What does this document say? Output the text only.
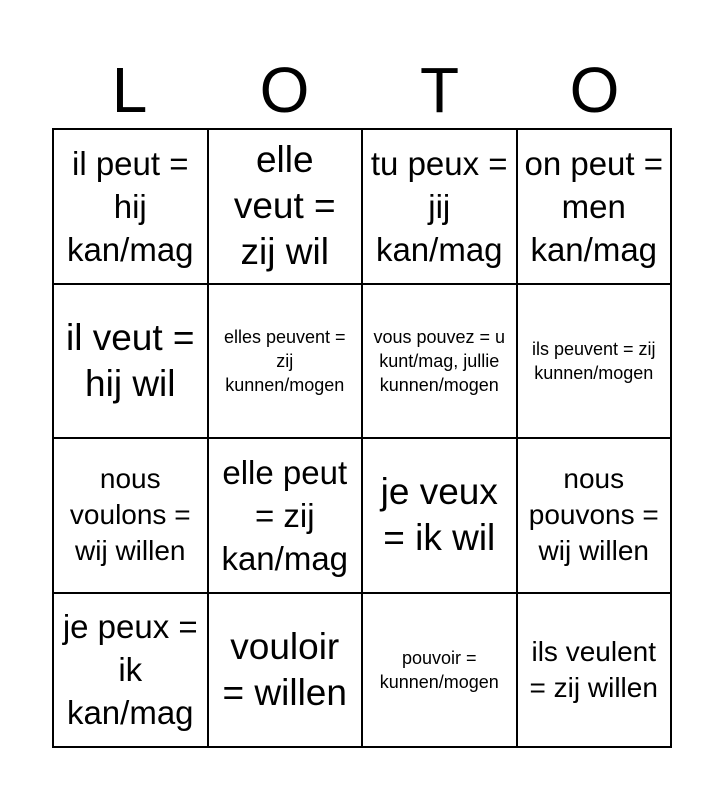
L	O	T	O
il peut = hij kan/mag
elle veut = zij wil
tu peux = jij kan/mag
on peut = men kan/mag
il veut = hij wil
elles peuvent = zij kunnen/mogen
vous pouvez = u kunt/mag, jullie kunnen/mogen
ils peuvent = zij kunnen/mogen
nous voulons = wij willen
elle peut = zij kan/mag
je veux = ik wil
nous pouvons = wij willen
je peux = ik kan/mag
vouloir = willen
pouvoir = kunnen/mogen
ils veulent = zij willen
